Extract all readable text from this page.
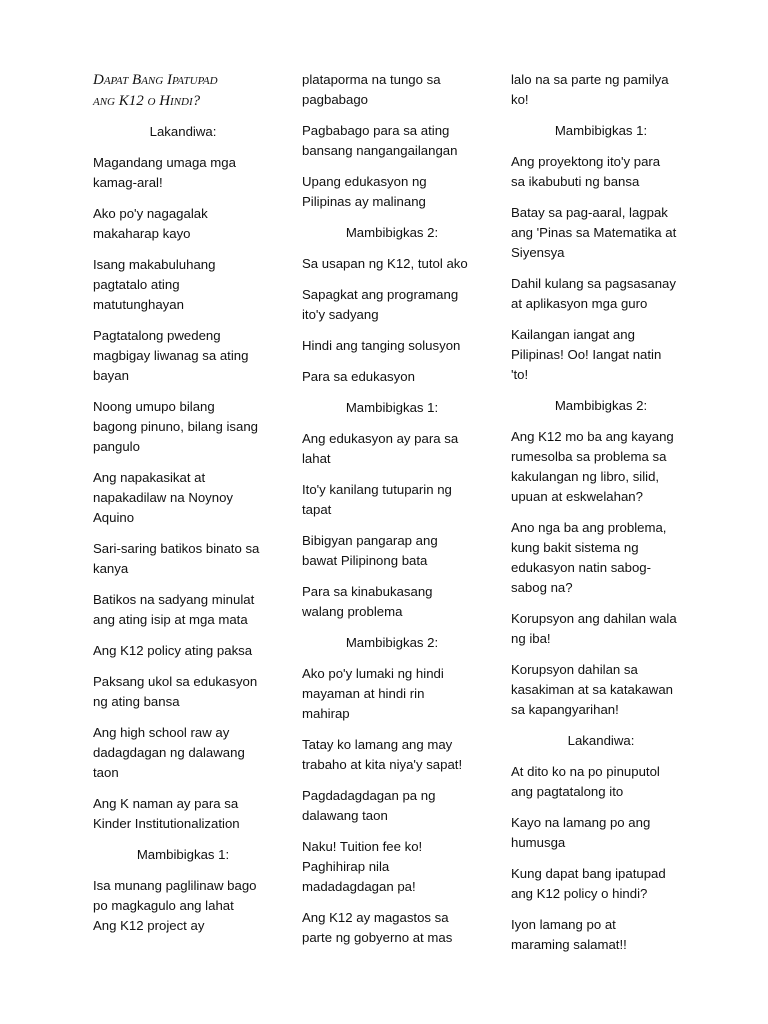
Dapat Bang Ipatupad
ang K12 o Hindi?

Lakandiwa:

Magandang umaga mga
kamag-aral!

Ako po'y nagagalak
makaharap kayo

Isang makabuluhang
pagtatalo ating
matutunghayan

Pagtatalong pwedeng
magbigay liwanag sa ating
bayan

Noong umupo bilang
bagong pinuno, bilang isang
pangulo

Ang napakasikat at
napakadilaw na Noynoy
Aquino

Sari-saring batikos binato sa
kanya

Batikos na sadyang minulat
ang ating isip at mga mata

Ang K12 policy ating paksa

Paksang ukol sa edukasyon
ng ating bansa

Ang high school raw ay
dadagdagan ng dalawang
taon

Ang K naman ay para sa
Kinder Institutionalization

Mambibigkas 1:

Isa munang paglilinaw bago
po magkagulo ang lahat
Ang K12 project ay

plataporma na tungo sa
pagbabago

Pagbabago para sa ating
bansang nangangailangan

Upang edukasyon ng
Pilipinas ay malinang

Mambibigkas 2:

Sa usapan ng K12, tutol ako

Sapagkat ang programang
ito'y sadyang

Hindi ang tanging solusyon

Para sa edukasyon

Mambibigkas 1:

Ang edukasyon ay para sa
lahat

Ito'y kanilang tutuparin ng
tapat

Bibigyan pangarap ang
bawat Pilipinong bata

Para sa kinabukasang
walang problema

Mambibigkas 2:

Ako po'y lumaki ng hindi
mayaman at hindi rin
mahirap

Tatay ko lamang ang may
trabaho at kita niya'y sapat!

Pagdadagdagan pa ng
dalawang taon

Naku! Tuition fee ko!
Paghihirap nila
madadagdagan pa!

Ang K12 ay magastos sa
parte ng gobyerno at mas

lalo na sa parte ng pamilya
ko!

Mambibigkas 1:

Ang proyektong ito'y para
sa ikabubuti ng bansa

Batay sa pag-aaral, lagpak
ang 'Pinas sa Matematika at
Siyensya

Dahil kulang sa pagsasanay
at aplikasyon mga guro

Kailangan iangat ang
Pilipinas! Oo! Iangat natin
'to!

Mambibigkas 2:

Ang K12 mo ba ang kayang
rumesolba sa problema sa
kakulangan ng libro, silid,
upuan at eskwelahan?

Ano nga ba ang problema,
kung bakit sistema ng
edukasyon natin sabog-
sabog na?

Korupsyon ang dahilan wala
ng iba!

Korupsyon dahilan sa
kasakiman at sa katakawan
sa kapangyarihan!

Lakandiwa:

At dito ko na po pinuputol
ang pagtatalong ito

Kayo na lamang po ang
humusga

Kung dapat bang ipatupad
ang K12 policy o hindi?

Iyon lamang po at
maraming salamat!!
